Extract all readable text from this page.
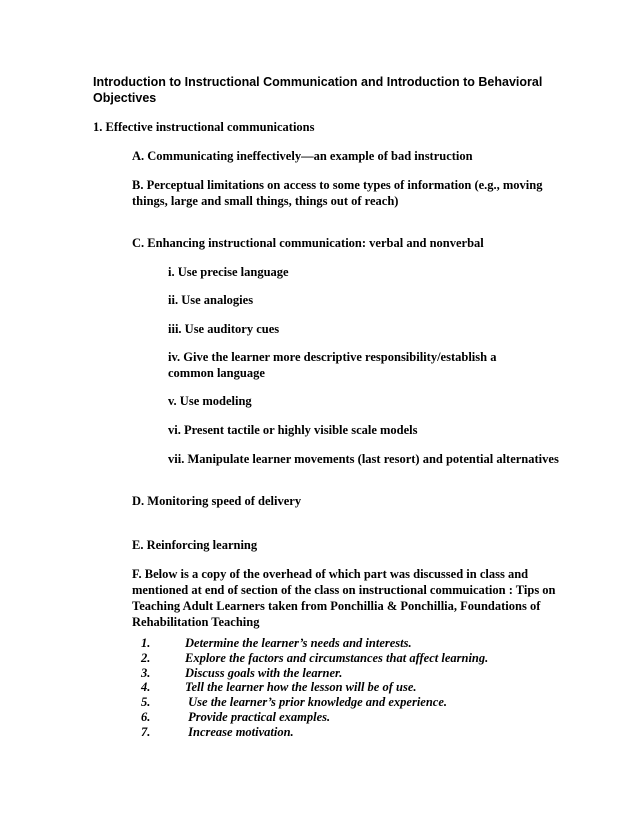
Introduction to Instructional Communication and Introduction to Behavioral Objectives
1. Effective instructional communications
A. Communicating ineffectively—an example of bad instruction
B. Perceptual limitations on access to some types of information (e.g., moving things, large and small things, things out of reach)
C. Enhancing instructional communication: verbal and nonverbal
i. Use precise language
ii. Use analogies
iii. Use auditory cues
iv. Give the learner more descriptive responsibility/establish a common language
v. Use modeling
vi. Present tactile or highly visible scale models
vii. Manipulate learner movements (last resort) and potential alternatives
D. Monitoring speed of delivery
E. Reinforcing learning
F. Below is a copy of the overhead of which part was discussed in class and mentioned at end of section of the class on instructional commuication : Tips on Teaching Adult Learners taken from Ponchillia & Ponchillia, Foundations of Rehabilitation Teaching
1.	Determine the learner’s needs and interests.
2.	Explore the factors and circumstances that affect learning.
3.	Discuss goals with the learner.
4.	Tell the learner how the lesson will be of use.
5.	Use the learner’s prior knowledge and experience.
6.	Provide practical examples.
7.	Increase motivation.
